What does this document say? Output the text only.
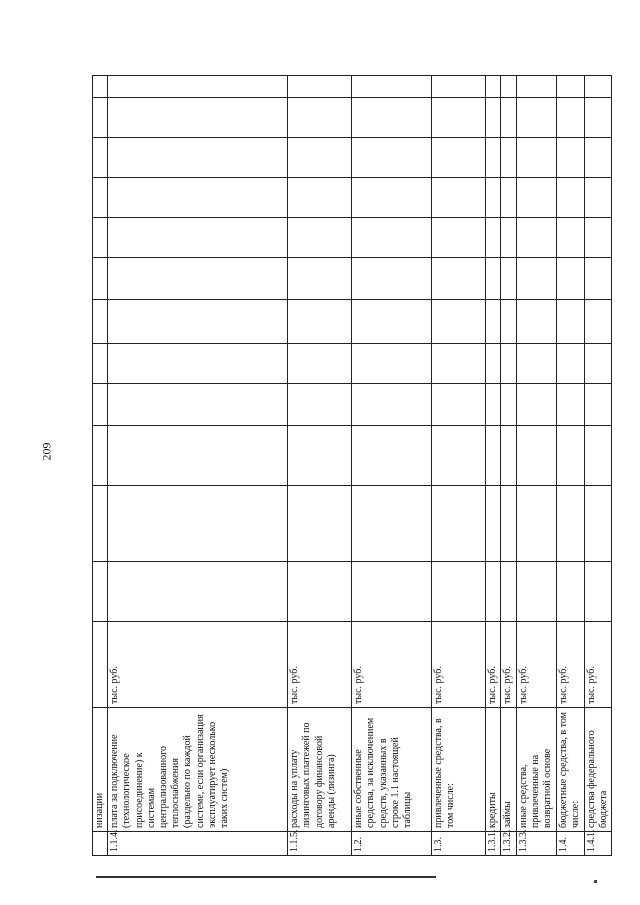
209
	низации													
1.1.4.	плата за подключение (технологическое присоединение) к системам централизованного теплоснабжения (раздельно по каждой системе, если организация эксплуатирует несколько таких систем)	тыс. руб.												
1.1.5.	расходы на уплату лизинговых платежей по договору финансовой аренды (лизинга)	тыс. руб.												
1.2.	иные собственные средства, за исключением средств, указанных в строке 1.1 настоящей таблицы	тыс. руб.												
1.3.	привлеченные средства, в том числе:	тыс. руб.												
1.3.1.	кредиты	тыс. руб.												
1.3.2.	займы	тыс. руб.												
1.3.3.	иные средства, привлеченные на возвратной основе	тыс. руб.												
1.4.	бюджетные средства, в том числе:	тыс. руб.												
1.4.1.	средства федерального бюджета	тыс. руб.												
